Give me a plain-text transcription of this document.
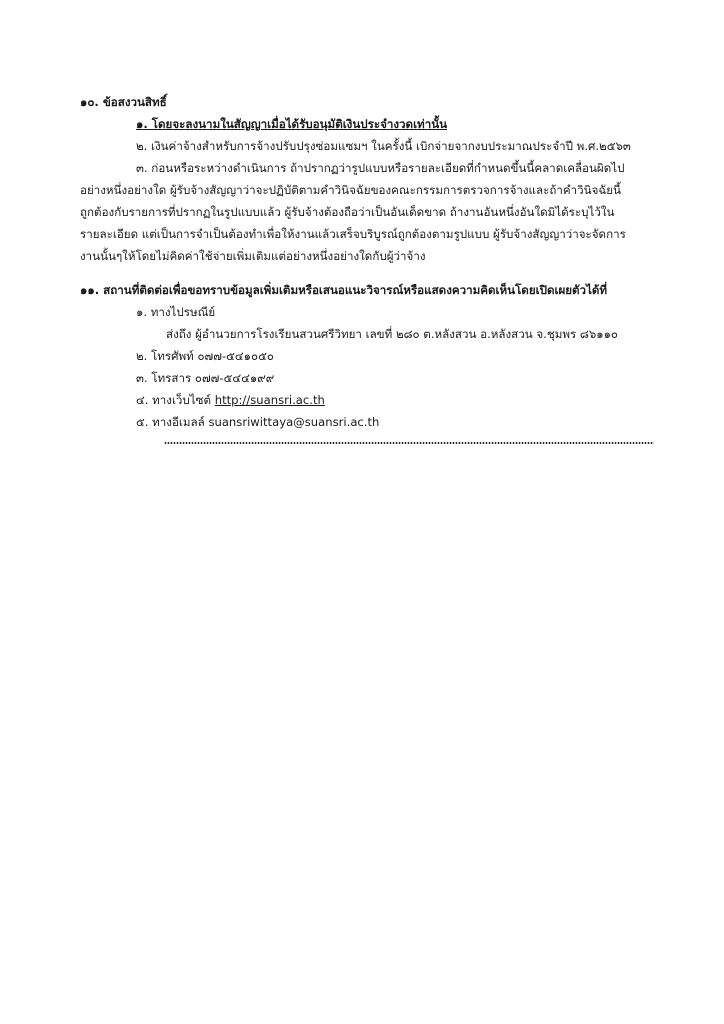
๑๐. ข้อสงวนสิทธิ์
๑. โดยจะลงนามในสัญญาเมื่อได้รับอนุมัติเงินประจำงวดเท่านั้น
๒. เงินค่าจ้างสำหรับการจ้างปรับปรุงซ่อมแซมฯ ในครั้งนี้ เบิกจ่ายจากงบประมาณประจำปี พ.ศ.๒๕๖๓
๓. ก่อนหรือระหว่างดำเนินการ ถ้าปรากฏว่ารูปแบบหรือรายละเอียดที่กำหนดขึ้นนี้คลาดเคลื่อนผิดไป
อย่างหนึ่งอย่างใด ผู้รับจ้างสัญญาว่าจะปฏิบัติตามคำวินิจฉัยของคณะกรรมการตรวจการจ้างและถ้าคำวินิจฉัยนี้
ถูกต้องกับรายการที่ปรากฏในรูปแบบแล้ว ผู้รับจ้างต้องถือว่าเป็นอันเด็ดขาด ถ้างานอันหนึ่งอันใดมิได้ระบุไว้ใน
รายละเอียด แต่เป็นการจำเป็นต้องทำเพื่อให้งานแล้วเสร็จบริบูรณ์ถูกต้องตามรูปแบบ ผู้รับจ้างสัญญาว่าจะจัดการ
งานนั้นๆให้โดยไม่คิดค่าใช้จ่ายเพิ่มเติมแต่อย่างหนึ่งอย่างใดกับผู้ว่าจ้าง
๑๑. สถานที่ติดต่อเพื่อขอทราบข้อมูลเพิ่มเติมหรือเสนอแนะวิจารณ์หรือแสดงความคิดเห็นโดยเปิดเผยตัวได้ที่
๑. ทางไปรษณีย์
ส่งถึง ผู้อำนวยการโรงเรียนสวนศรีวิทยา เลขที่ ๒๘๐ ต.หลังสวน อ.หลังสวน จ.ชุมพร ๘๖๑๑๐
๒. โทรศัพท์ ๐๗๗-๕๔๑๐๕๐
๓. โทรสาร ๐๗๗-๕๔๔๑๙๙
๔. ทางเว็บไซต์ http://suansri.ac.th
๕. ทางอีเมลล์ suansriwittaya@suansri.ac.th
